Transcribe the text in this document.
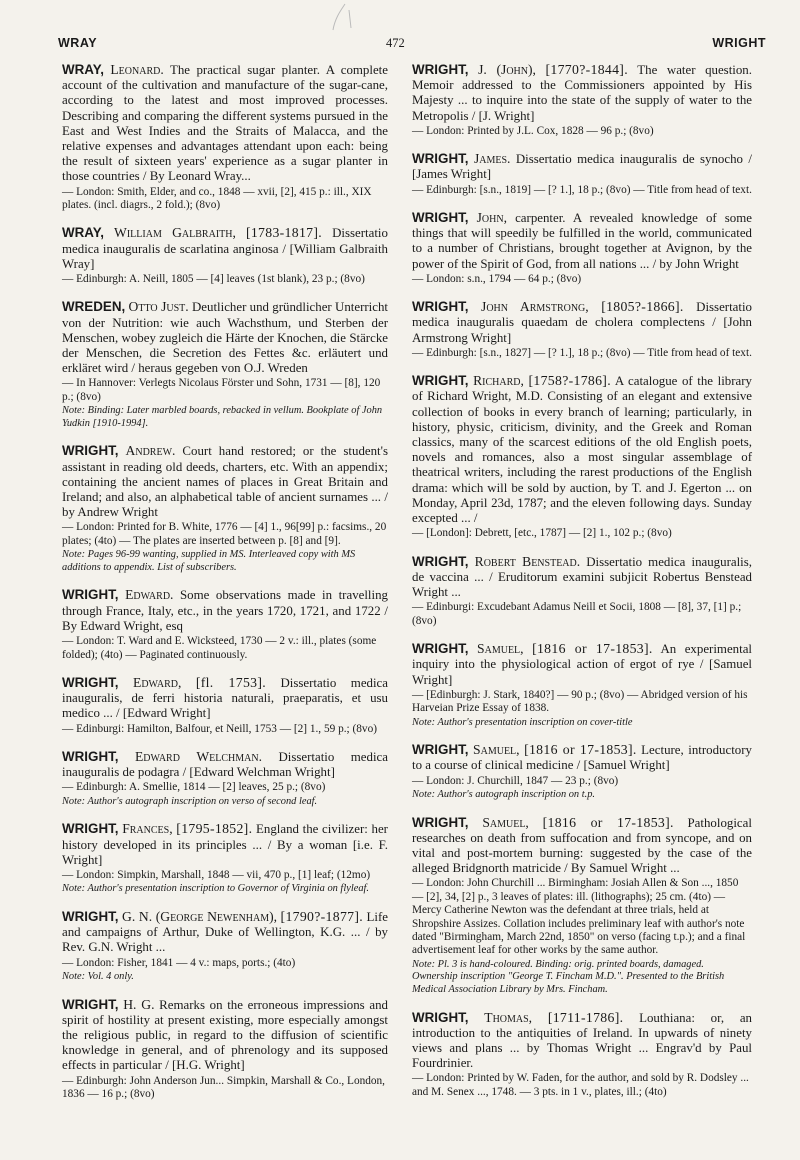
WRAY	472	WRIGHT

WRAY, Leonard. The practical sugar planter. A complete account of the cultivation and manufacture of the sugar-cane, according to the latest and most improved processes. Describing and comparing the different systems pursued in the East and West Indies and the Straits of Malacca, and the relative expenses and advantages attendant upon each: being the result of sixteen years' experience as a sugar planter in those countries / By Leonard Wray...

— London: Smith, Elder, and co., 1848 — xvii, [2], 415 p.: ill., XIX plates. (incl. diagrs., 2 fold.); (8vo)

WRAY, William Galbraith, [1783-1817]. Dissertatio medica inauguralis de scarlatina anginosa / [William Galbraith Wray]

— Edinburgh: A. Neill, 1805 — [4] leaves (1st blank), 23 p.; (8vo)

WREDEN, Otto Just. Deutlicher und gründlicher Unterricht von der Nutrition: wie auch Wachsthum, und Sterben der Menschen, wobey zugleich die Härte der Knochen, die Stärcke der Menschen, die Secretion des Fettes &c. erläutert und erkläret wird / heraus gegeben von O.J. Wreden

— In Hannover: Verlegts Nicolaus Förster und Sohn, 1731 — [8], 120 p.; (8vo)

Note: Binding: Later marbled boards, rebacked in vellum. Bookplate of John Yudkin [1910-1994].

WRIGHT, Andrew. Court hand restored; or the student's assistant in reading old deeds, charters, etc. With an appendix; containing the ancient names of places in Great Britain and Ireland; and also, an alphabetical table of ancient surnames ... / by Andrew Wright

— London: Printed for B. White, 1776 — [4] 1., 96[99] p.: facsims., 20 plates; (4to) — The plates are inserted between p. [8] and [9].

Note: Pages 96-99 wanting, supplied in MS. Interleaved copy with MS additions to appendix. List of subscribers.

WRIGHT, Edward. Some observations made in travelling through France, Italy, etc., in the years 1720, 1721, and 1722 / By Edward Wright, esq

— London: T. Ward and E. Wicksteed, 1730 — 2 v.: ill., plates (some folded); (4to) — Paginated continuously.

WRIGHT, Edward, [fl. 1753]. Dissertatio medica inauguralis, de ferri historia naturali, praeparatis, et usu medico ... / [Edward Wright]

— Edinburgi: Hamilton, Balfour, et Neill, 1753 — [2] 1., 59 p.; (8vo)

WRIGHT, Edward Welchman. Dissertatio medica inauguralis de podagra / [Edward Welchman Wright]

— Edinburgh: A. Smellie, 1814 — [2] leaves, 25 p.; (8vo)

Note: Author's autograph inscription on verso of second leaf.

WRIGHT, Frances, [1795-1852]. England the civilizer: her history developed in its principles ... / By a woman [i.e. F. Wright]

— London: Simpkin, Marshall, 1848 — vii, 470 p., [1] leaf; (12mo)

Note: Author's presentation inscription to Governor of Virginia on flyleaf.

WRIGHT, G. N. (George Newenham), [1790?-1877]. Life and campaigns of Arthur, Duke of Wellington, K.G. ... / by Rev. G.N. Wright ...

— London: Fisher, 1841 — 4 v.: maps, ports.; (4to)

Note: Vol. 4 only.

WRIGHT, H. G. Remarks on the erroneous impressions and spirit of hostility at present existing, more especially amongst the religious public, in regard to the diffusion of scientific knowledge in general, and of phrenology and its supposed effects in particular / [H.G. Wright]

— Edinburgh: John Anderson Jun... Simpkin, Marshall & Co., London, 1836 — 16 p.; (8vo)

WRIGHT, J. (John), [1770?-1844]. The water question. Memoir addressed to the Commissioners appointed by His Majesty ... to inquire into the state of the supply of water to the Metropolis / [J. Wright]

— London: Printed by J.L. Cox, 1828 — 96 p.; (8vo)

WRIGHT, James. Dissertatio medica inauguralis de synocho / [James Wright]

— Edinburgh: [s.n., 1819] — [? 1.], 18 p.; (8vo) — Title from head of text.

WRIGHT, John, carpenter. A revealed knowledge of some things that will speedily be fulfilled in the world, communicated to a number of Christians, brought together at Avignon, by the power of the Spirit of God, from all nations ... / by John Wright

— London: s.n., 1794 — 64 p.; (8vo)

WRIGHT, John Armstrong, [1805?-1866]. Dissertatio medica inauguralis quaedam de cholera complectens / [John Armstrong Wright]

— Edinburgh: [s.n., 1827] — [? 1.], 18 p.; (8vo) — Title from head of text.

WRIGHT, Richard, [1758?-1786]. A catalogue of the library of Richard Wright, M.D. Consisting of an elegant and extensive collection of books in every branch of learning; particularly, in history, physic, criticism, divinity, and the Greek and Roman classics, many of the scarcest editions of the old English poets, novels and romances, also a most singular assemblage of theatrical writers, including the rarest productions of the English drama: which will be sold by auction, by T. and J. Egerton ... on Monday, April 23d, 1787; and the eleven following days. Sunday excepted ... /

— [London]: Debrett, [etc., 1787] — [2] 1., 102 p.; (8vo)

WRIGHT, Robert Benstead. Dissertatio medica inauguralis, de vaccina ... / Eruditorum examini subjicit Robertus Benstead Wright ...

— Edinburgi: Excudebant Adamus Neill et Socii, 1808 — [8], 37, [1] p.; (8vo)

WRIGHT, Samuel, [1816 or 17-1853]. An experimental inquiry into the physiological action of ergot of rye / [Samuel Wright]

— [Edinburgh: J. Stark, 1840?] — 90 p.; (8vo) — Abridged version of his Harveian Prize Essay of 1838.

Note: Author's presentation inscription on cover-title

WRIGHT, Samuel, [1816 or 17-1853]. Lecture, introductory to a course of clinical medicine / [Samuel Wright]

— London: J. Churchill, 1847 — 23 p.; (8vo)

Note: Author's autograph inscription on t.p.

WRIGHT, Samuel, [1816 or 17-1853]. Pathological researches on death from suffocation and from syncope, and on vital and post-mortem burning: suggested by the case of the alleged Bridgnorth matricide / By Samuel Wright ...

— London: John Churchill ... Birmingham: Josiah Allen & Son ..., 1850 — [2], 34, [2] p., 3 leaves of plates: ill. (lithographs); 25 cm. (4to) — Mercy Catherine Newton was the defendant at three trials, held at Shropshire Assizes. Collation includes preliminary leaf with author's note dated "Birmingham, March 22nd, 1850" on verso (facing t.p.); and a final advertisement leaf for other works by the same author.

Note: Pl. 3 is hand-coloured. Binding: orig. printed boards, damaged. Ownership inscription "George T. Fincham M.D.". Presented to the British Medical Association Library by Mrs. Fincham.

WRIGHT, Thomas, [1711-1786]. Louthiana: or, an introduction to the antiquities of Ireland. In upwards of ninety views and plans ... by Thomas Wright ... Engrav'd by Paul Fourdrinier.

— London: Printed by W. Faden, for the author, and sold by R. Dodsley ... and M. Senex ..., 1748. — 3 pts. in 1 v., plates, ill.; (4to)
